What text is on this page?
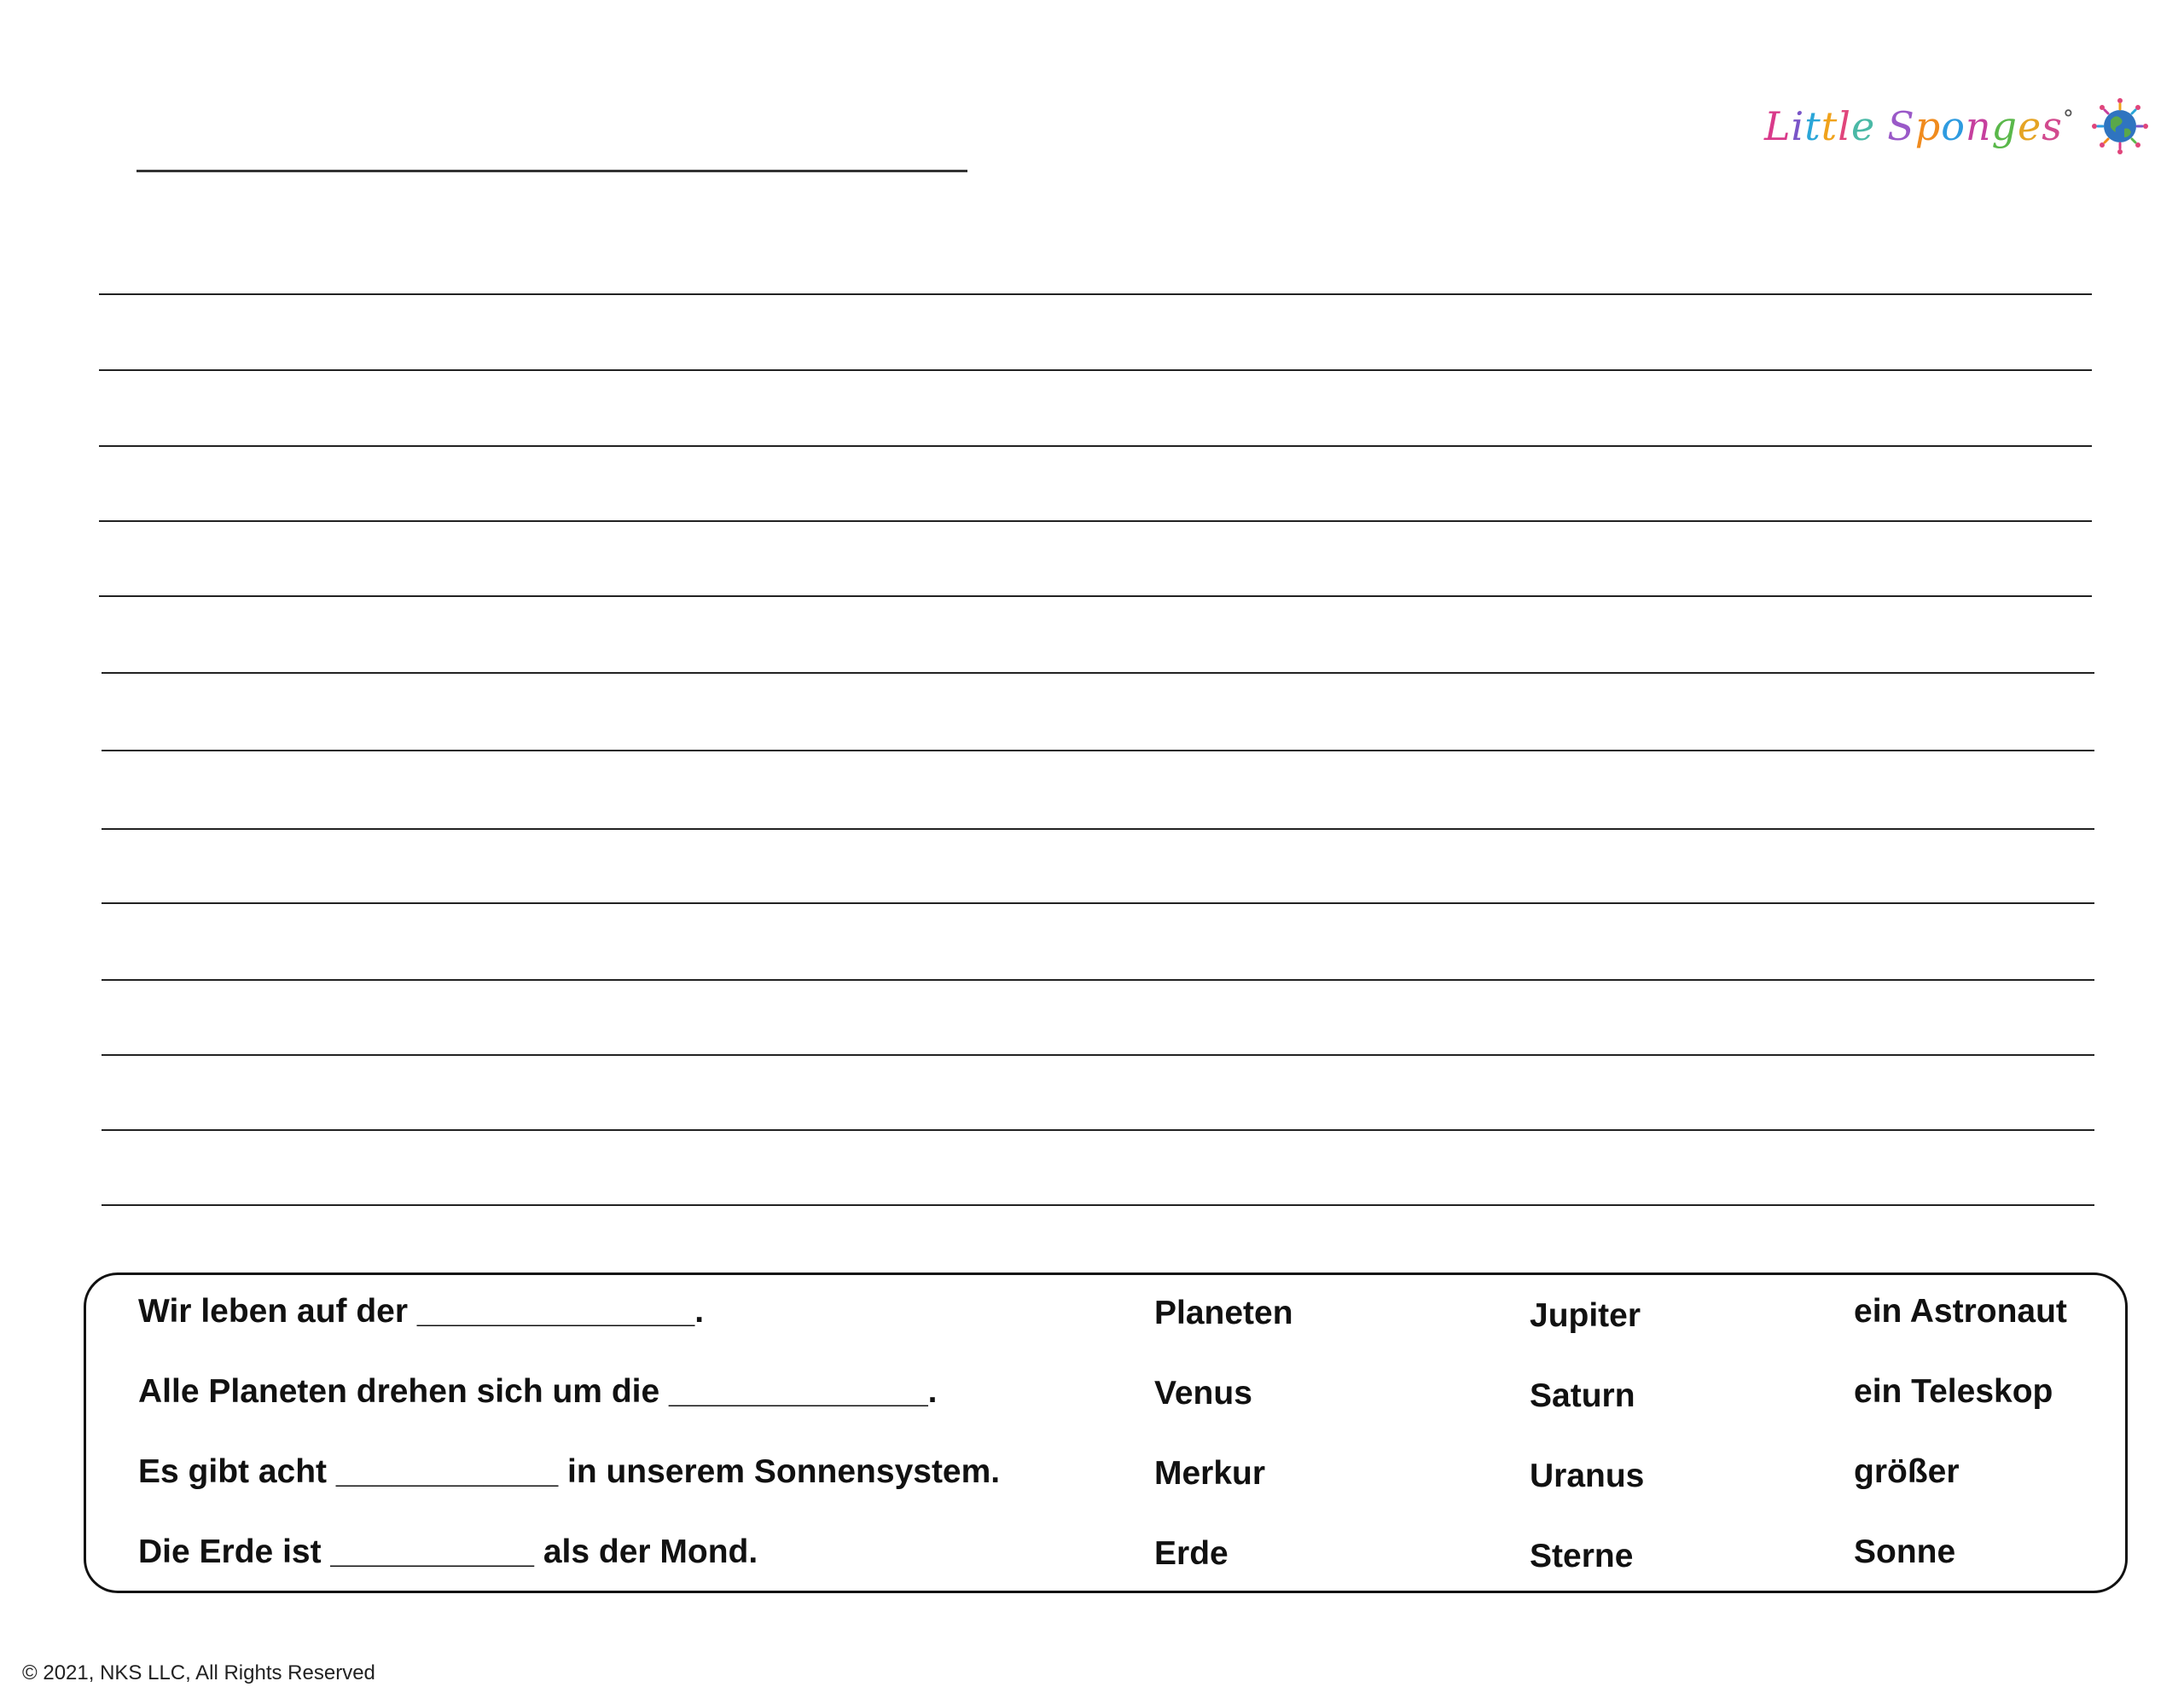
Little Sponges°
Wir leben auf der _______________.
Alle Planeten drehen sich um die ______________.
Es gibt acht ____________ in unserem Sonnensystem.
Die Erde ist ___________ als der Mond.
Planeten
Venus
Merkur
Erde
Jupiter
Saturn
Uranus
Sterne
ein Astronaut
ein Teleskop
größer
Sonne
© 2021, NKS LLC, All Rights Reserved
